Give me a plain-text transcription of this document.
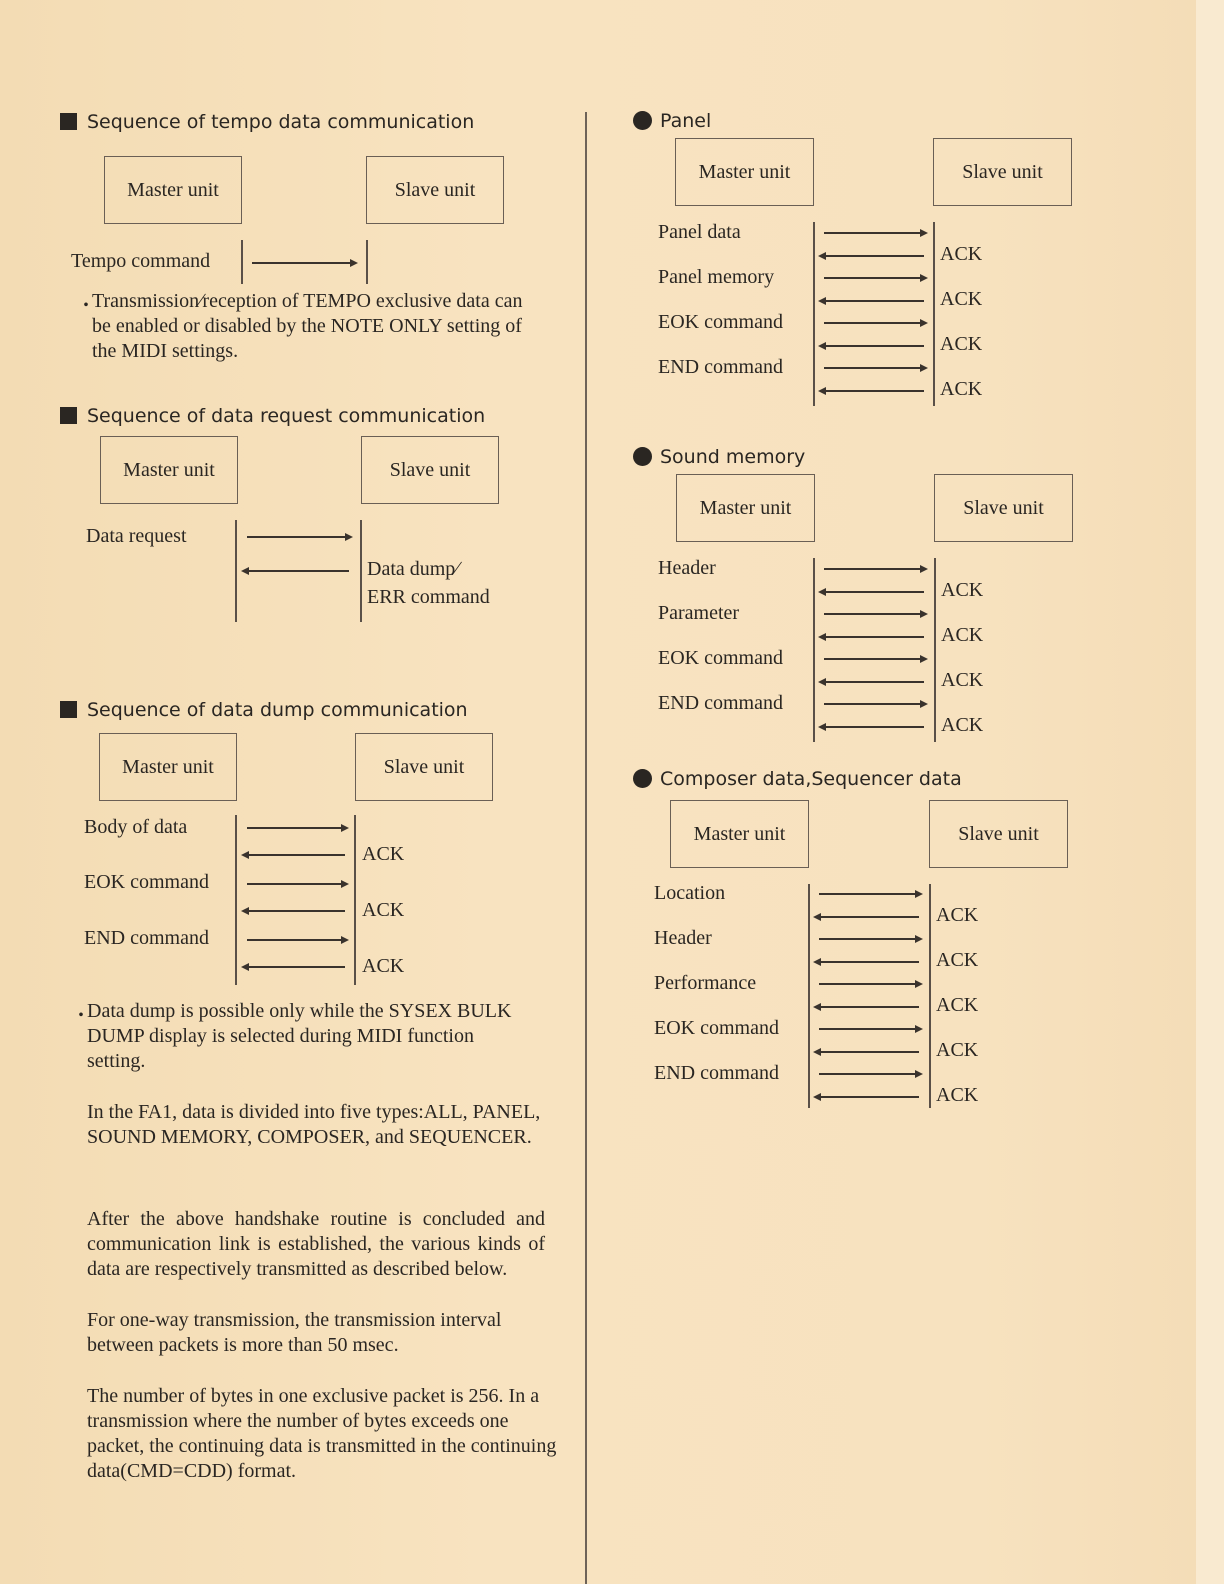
Sequence of tempo data communication
Master unit	Slave unit
Tempo command
・
Transmission∕reception of TEMPO exclusive data can be enabled or disabled by the NOTE ONLY setting of the MIDI settings.
Sequence of data request communication
Master unit	Slave unit
Data request
Data dump∕
ERR command
Sequence of data dump communication
Master unit	Slave unit
Body of data
ACK
EOK command
ACK
END command
ACK
・
Data dump is possible only while the SYSEX BULK DUMP display is selected during MIDI function setting.
In the FA1, data is divided into five types:ALL, PANEL, SOUND MEMORY, COMPOSER, and SEQUENCER.
After the above handshake routine is concluded and communication link is established, the various kinds of data are respectively transmitted as described below.
For one-way transmission, the transmission interval between packets is more than 50 msec.
The number of bytes in one exclusive packet is 256. In a transmission where the number of bytes exceeds one packet, the continuing data is transmitted in the continuing data(CMD=CDD) format.
Panel
Master unit	Slave unit
Panel data
ACK
Panel memory
ACK
EOK command
ACK
END command
ACK
Sound memory
Master unit	Slave unit
Header
ACK
Parameter
ACK
EOK command
ACK
END command
ACK
Composer data,Sequencer data
Master unit	Slave unit
Location
ACK
Header
ACK
Performance
ACK
EOK command
ACK
END command
ACK
